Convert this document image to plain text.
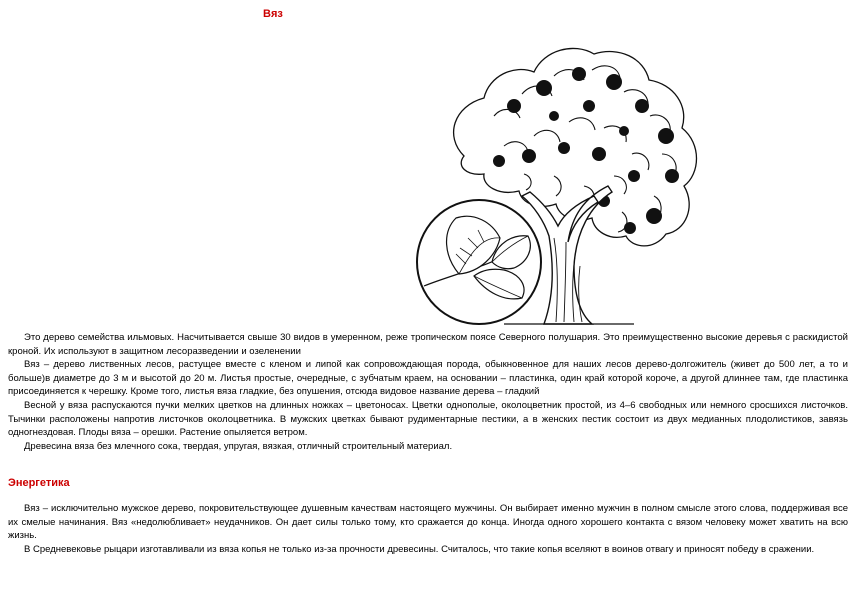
Вяз

Это дерево семейства ильмовых. Насчитывается свыше 30 видов в умеренном, реже тропическом поясе Северного полушария. Это преимущественно высокие деревья с раскидистой кроной. Их используют в защитном лесоразведении и озеленении

Вяз – дерево лиственных лесов, растущее вместе с кленом и липой как сопровождающая порода, обыкновенное для наших лесов дерево-долгожитель (живет до 500 лет, а то и больше)в диаметре до 3 м и высотой до 20 м. Листья простые, очередные, с зубчатым краем, на основании – пластинка, один край которой короче, а другой длиннее там, где пластинка присоединяется к черешку. Кроме того, листья вяза гладкие, без опушения, отсюда видовое название дерева – гладкий

Весной у вяза распускаются пучки мелких цветков на длинных ножках – цветоносах. Цветки однополые, околоцветник простой, из 4–6 свободных или немного сросшихся листочков. Тычинки расположены напротив листочков околоцветника. В мужских цветках бывают рудиментарные пестики, а в женских пестик состоит из двух медианных плодолистиков, завязь одногнездовая. Плоды вяза – орешки. Растение опыляется ветром.

Древесина вяза без млечного сока, твердая, упругая, вязкая, отличный строительный материал.

Энергетика

Вяз – исключительно мужское дерево, покровительствующее душевным качествам настоящего мужчины. Он выбирает именно мужчин в полном смысле этого слова, поддерживая все их смелые начинания. Вяз «недолюбливает» неудачников. Он дает силы только тому, кто сражается до конца. Иногда одного хорошего контакта с вязом человеку может хватить на всю жизнь.

В Средневековье рыцари изготавливали из вяза копья не только из-за прочности древесины. Считалось, что такие копья вселяют в воинов отвагу и приносят победу в сражении.
